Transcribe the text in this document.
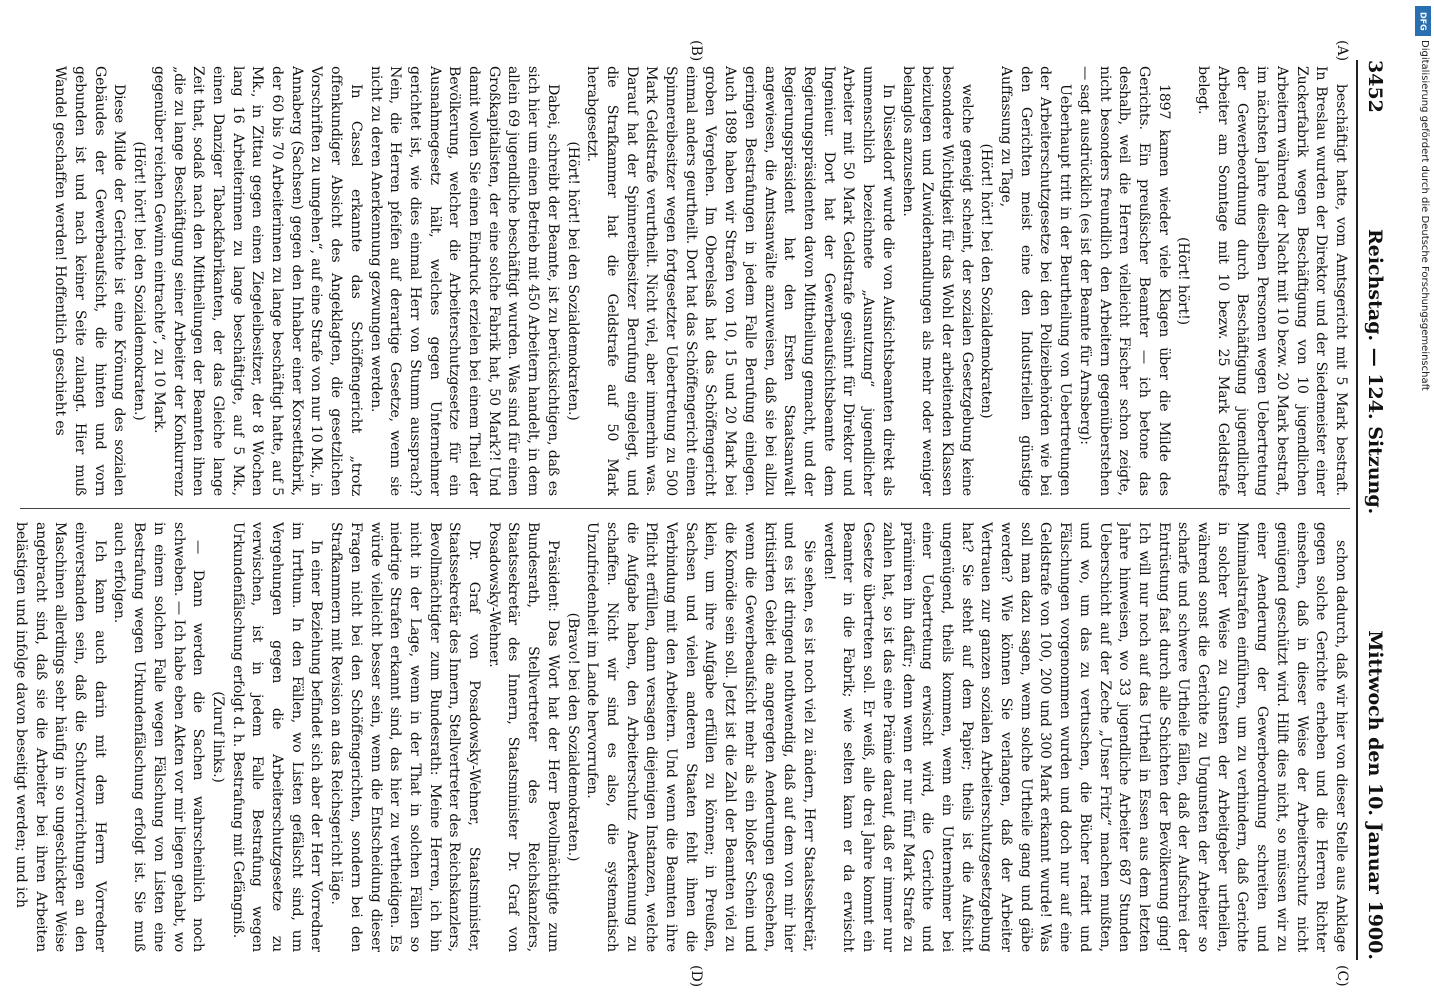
3452
Reichstag. — 124. Sitzung.
Mittwoch den 10. Januar 1900.
(A)
(B)
(C)
(D)

beschäftigt hatte, vom Amtsgericht mit 5 Mark bestraft. In Breslau wurden der Direktor und der Siedemeister einer Zuckerfabrik wegen Beschäftigung von 10 jugendlichen Arbeitern während der Nacht mit 10 bezw. 20 Mark bestraft, im nächsten Jahre dieselben Personen wegen Uebertretung der Gewerbeordnung durch Beschäftigung jugendlicher Arbeiter am Sonntage mit 10 bezw. 25 Mark Geldstrafe belegt.

(Hört! hört!)

1897 kamen wieder viele Klagen über die Milde des Gerichts. Ein preußischer Beamter — ich betone das deshalb, weil die Herren vielleicht Fischer schon zeigte, nicht besonders freundlich den Arbeitern gegenüberstehen — sagt ausdrücklich (es ist der Beamte für Arnsberg):

Ueberhaupt tritt in der Beurtheilung von Uebertretungen der Arbeiterschutzgesetze bei den Polizeibehörden wie bei den Gerichten meist eine den Industriellen günstige Auffassung zu Tage,

(Hört! hört! bei den Sozialdemokraten)

welche geneigt scheint, der sozialen Gesetzgebung keine besondere Wichtigkeit für das Wohl der arbeitenden Klassen beizulegen und Zuwiderhandlungen als mehr oder weniger belanglos anzusehen.

In Düsseldorf wurde die von Aufsichtsbeamten direkt als unmenschlich bezeichnete „Ausnutzung“ jugendlicher Arbeiter mit 50 Mark Geldstrafe gesühnt für Direktor und Ingenieur. Dort hat der Gewerbeaufsichtsbeamte dem Regierungspräsidenten davon Mittheilung gemacht, und der Regierungspräsident hat den Ersten Staatsanwalt angewiesen, die Amtsanwälte anzuweisen, daß sie bei allzu geringen Bestrafungen in jedem Falle Berufung einlegen. Auch 1898 haben wir Strafen von 10, 15 und 20 Mark bei groben Vergehen. Im Oberelsaß hat das Schöffengericht einmal anders geurtheilt. Dort hat das Schöffengericht einen Spinnereibesitzer wegen fortgesetzter Uebertretung zu 500 Mark Geldstrafe verurtheilt. Nicht viel, aber immerhin was. Darauf hat der Spinnereibesitzer Berufung eingelegt, und die Strafkammer hat die Geldstrafe auf 50 Mark herabgesetzt.

(Hört! hört! bei den Sozialdemokraten.)

Dabei, schreibt der Beamte, ist zu berücksichtigen, daß es sich hier um einen Betrieb mit 450 Arbeitern handelt, in dem allein 69 jugendliche beschäftigt wurden. Was sind für einen Großkapitalisten, der eine solche Fabrik hat, 50 Mark?! Und damit wollen Sie einen Eindruck erzielen bei einem Theil der Bevölkerung, welcher die Arbeiterschutzgesetze für ein Ausnahmegesetz hält, welches gegen Unternehmer gerichtet ist, wie dies einmal Herr von Stumm aussprach? Nein, die Herren pfeifen auf derartige Gesetze, wenn sie nicht zu deren Anerkennung gezwungen werden.

In Cassel erkannte das Schöffengericht „trotz offenkundiger Absicht des Angeklagten, die gesetzlichen Vorschriften zu umgehen“, auf eine Strafe von nur 10 Mk., in Annaberg (Sachsen) gegen den Inhaber einer Korsettfabrik, der 60 bis 70 Arbeiterinnen zu lange beschäftigt hatte, auf 5 Mk., in Zittau gegen einen Ziegeleibesitzer, der 8 Wochen lang 16 Arbeiterinnen zu lange beschäftigte, auf 5 Mk., einen Danziger Tabackfabrikanten, der das Gleiche lange Zeit that, sodaß nach den Mittheilungen der Beamten ihnen „die zu lange Beschäftigung seiner Arbeiter der Konkurrenz gegenüber reichen Gewinn eintrachte“, zu 10 Mark.

(Hört! hört! bei den Sozialdemokraten.)

Diese Milde der Gerichte ist eine Krönung des sozialen Gebäudes der Gewerbeaufsicht, die hinten und vorn gebunden ist und nach keiner Seite zulangt. Hier muß Wandel geschaffen werden! Hoffentlich geschieht es

schon dadurch, daß wir hier von dieser Stelle aus Anklage gegen solche Gerichte erheben und die Herren Richter einsehen, daß in dieser Weise der Arbeiterschutz nicht genügend geschützt wird. Hilft dies nicht, so müssen wir zu einer Aenderung der Gewerbeordnung schreiten und Minimalstrafen einführen, um zu verhindern, daß Gerichte in solcher Weise zu Gunsten der Arbeitgeber urtheilen, während sonst die Gerichte zu Ungunsten der Arbeiter so scharfe und schwere Urtheile fällen, daß der Aufschrei der Entrüstung fast durch alle Schichten der Bevölkerung ging! Ich will nur noch auf das Urtheil in Essen aus dem letzten Jahre hinweisen, wo 33 jugendliche Arbeiter 687 Stunden Ueberschicht auf der Zeche „Unser Fritz“ machen mußten, und wo, um das zu vertuschen, die Bücher radirt und Fälschungen vorgenommen wurden und doch nur auf eine Geldstrafe von 100, 200 und 300 Mark erkannt wurde! Was soll man dazu sagen, wenn solche Urtheile gang und gäbe werden? Wie können Sie verlangen, daß der Arbeiter Vertrauen zur ganzen sozialen Arbeiterschutzgesetzgebung hat? Sie steht auf dem Papier; theils ist die Aufsicht ungenügend, theils kommen, wenn ein Unternehmer bei einer Uebertretung erwischt wird, die Gerichte und prämiiren ihn dafür; denn wenn er nur fünf Mark Strafe zu zahlen hat, so ist das eine Prämie darauf, daß er immer nur Gesetze übertreten soll. Er weiß, alle drei Jahre kommt ein Beamter in die Fabrik; wie selten kann er da erwischt werden!

Sie sehen, es ist noch viel zu ändern, Herr Staatssekretär, und es ist dringend nothwendig, daß auf dem von mir hier kritisirten Gebiet die angeregten Aenderungen geschehen, wenn die Gewerbeaufsicht mehr als ein bloßer Schein und die Komödie sein soll. Jetzt ist die Zahl der Beamten viel zu klein, um ihre Aufgabe erfüllen zu können; in Preußen, Sachsen und vielen anderen Staaten fehlt ihnen die Verbindung mit den Arbeitern. Und wenn die Beamten ihre Pflicht erfüllen, dann versagen diejenigen Instanzen, welche die Aufgabe haben, den Arbeiterschutz Anerkennung zu schaffen. Nicht wir sind es also, die systematisch Unzufriedenheit im Lande hervorrufen.

(Bravo! bei den Sozialdemokraten.)

Präsident: Das Wort hat der Herr Bevollmächtigte zum Bundesrath, Stellvertreter des Reichskanzlers, Staatssekretär des Innern, Staatsminister Dr. Graf von Posadowsky-Wehner.

Dr. Graf von Posadowsky-Wehner, Staatsminister, Staatssekretär des Innern, Stellvertreter des Reichskanzlers, Bevollmächtigter zum Bundesrath: Meine Herren, ich bin nicht in der Lage, wenn in der That in solchen Fällen so niedrige Strafen erkannt sind, das hier zu vertheidigen. Es würde vielleicht besser sein, wenn die Entscheidung dieser Fragen nicht bei den Schöffengerichten, sondern bei den Strafkammern mit Revision an das Reichsgericht läge.

In einer Beziehung befindet sich aber der Herr Vorredner im Irrthum. In den Fällen, wo Listen gefälscht sind, um Vergehungen gegen die Arbeiterschutzgesetze zu verwischen, ist in jedem Falle Bestrafung wegen Urkundenfälschung erfolgt d. h. Bestrafung mit Gefängniß.

(Zuruf links.)

— Dann werden die Sachen wahrscheinlich noch schweben. — Ich habe eben Akten vor mir liegen gehabt, wo in einem solchen Falle wegen Fälschung von Listen eine Bestrafung wegen Urkundenfälschung erfolgt ist. Sie muß auch erfolgen.

Ich kann auch darin mit dem Herrn Vorredner einverstanden sein, daß die Schutzvorrichtungen an den Maschinen allerdings sehr häufig in so ungeschickter Weise angebracht sind, daß sie die Arbeiter bei ihren Arbeiten belästigen und infolge davon beseitigt werden; und ich

DFG
Digitalisierung gefördert durch die Deutsche Forschungsgemeinschaft
